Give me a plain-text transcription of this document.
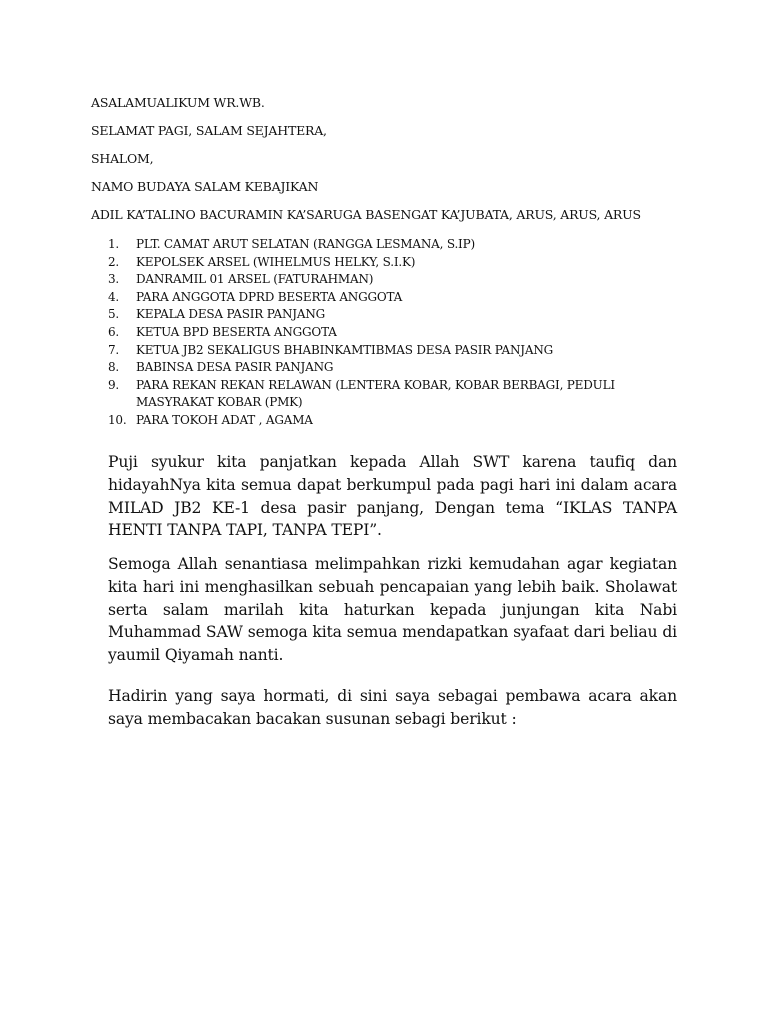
ASALAMUALIKUM WR.WB.
SELAMAT PAGI, SALAM SEJAHTERA,
SHALOM,
NAMO BUDAYA SALAM KEBAJIKAN
ADIL KA’TALINO BACURAMIN KA’SARUGA BASENGAT KA’JUBATA, ARUS, ARUS, ARUS
1.	PLT. CAMAT ARUT SELATAN (RANGGA LESMANA, S.IP)
2.	KEPOLSEK ARSEL (WIHELMUS HELKY, S.I.K)
3.	DANRAMIL 01 ARSEL (FATURAHMAN)
4.	PARA ANGGOTA DPRD BESERTA ANGGOTA
5.	KEPALA DESA PASIR PANJANG
6.	KETUA BPD BESERTA ANGGOTA
7.	KETUA JB2 SEKALIGUS BHABINKAMTIBMAS DESA PASIR PANJANG
8.	BABINSA DESA PASIR PANJANG
9.	PARA REKAN REKAN RELAWAN (LENTERA KOBAR, KOBAR BERBAGI, PEDULI MASYRAKAT KOBAR (PMK)
10. PARA TOKOH ADAT , AGAMA

Puji syukur kita panjatkan kepada Allah SWT karena taufiq dan hidayahNya kita semua dapat berkumpul pada pagi hari ini dalam acara MILAD JB2 KE-1 desa pasir panjang, Dengan tema “IKLAS TANPA HENTI TANPA TAPI, TANPA TEPI”.

Semoga Allah senantiasa melimpahkan rizki kemudahan agar kegiatan kita hari ini menghasilkan sebuah pencapaian yang lebih baik. Sholawat serta salam marilah kita haturkan kepada junjungan kita Nabi Muhammad SAW semoga kita semua mendapatkan syafaat dari beliau di yaumil Qiyamah nanti.

Hadirin yang saya hormati, di sini saya sebagai pembawa acara akan saya membacakan bacakan susunan sebagi berikut :
